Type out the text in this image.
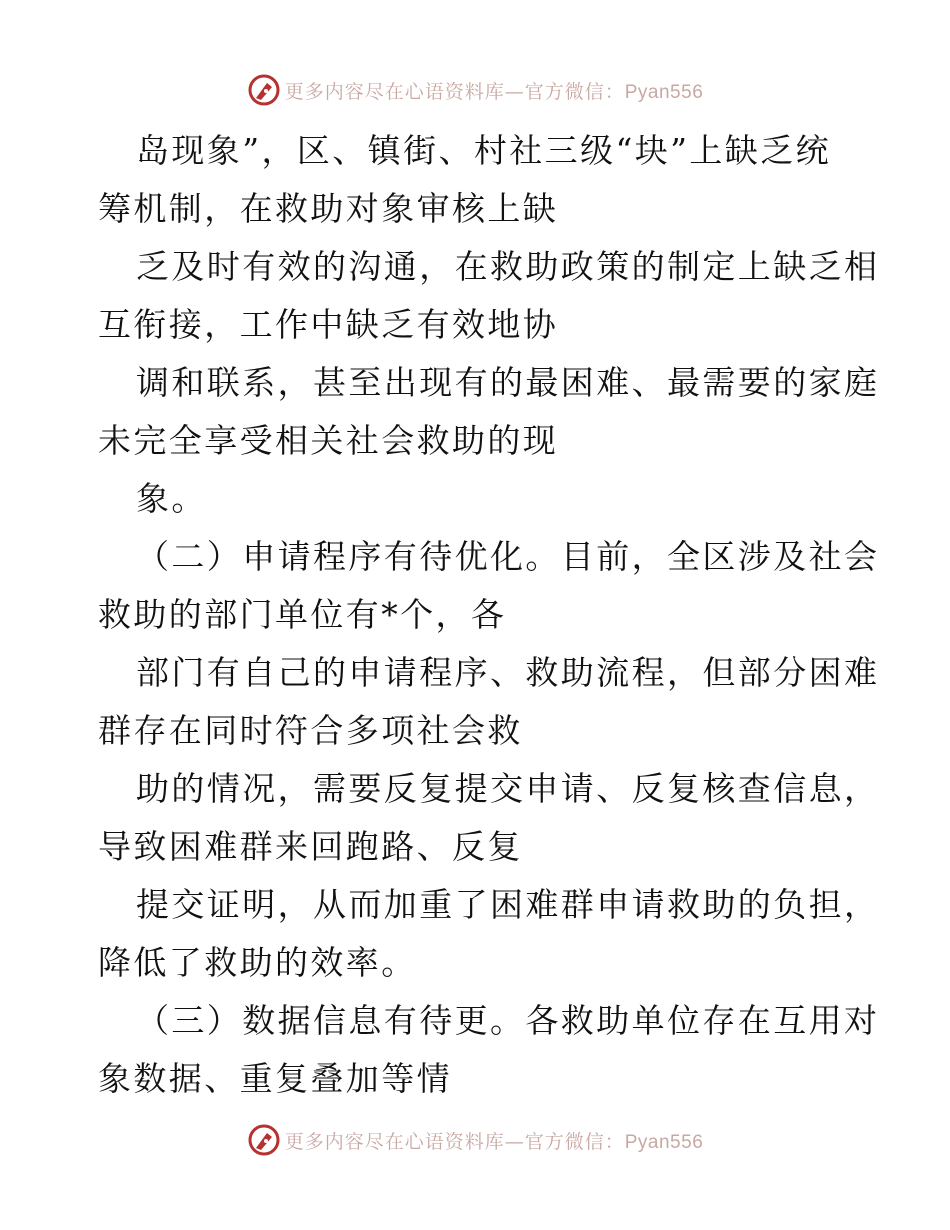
更多内容尽在心语资料库—官方微信：Pyan556
岛现象”，区、镇街、村社三级“块”上缺乏统
筹机制，在救助对象审核上缺
乏及时有效的沟通，在救助政策的制定上缺乏相
互衔接，工作中缺乏有效地协
调和联系，甚至出现有的最困难、最需要的家庭
未完全享受相关社会救助的现
象。
（二）申请程序有待优化。目前，全区涉及社会
救助的部门单位有*个，各
部门有自己的申请程序、救助流程，但部分困难
群存在同时符合多项社会救
助的情况，需要反复提交申请、反复核查信息，
导致困难群来回跑路、反复
提交证明，从而加重了困难群申请救助的负担，
降低了救助的效率。
（三）数据信息有待更。各救助单位存在互用对
象数据、重复叠加等情
更多内容尽在心语资料库—官方微信：Pyan556
